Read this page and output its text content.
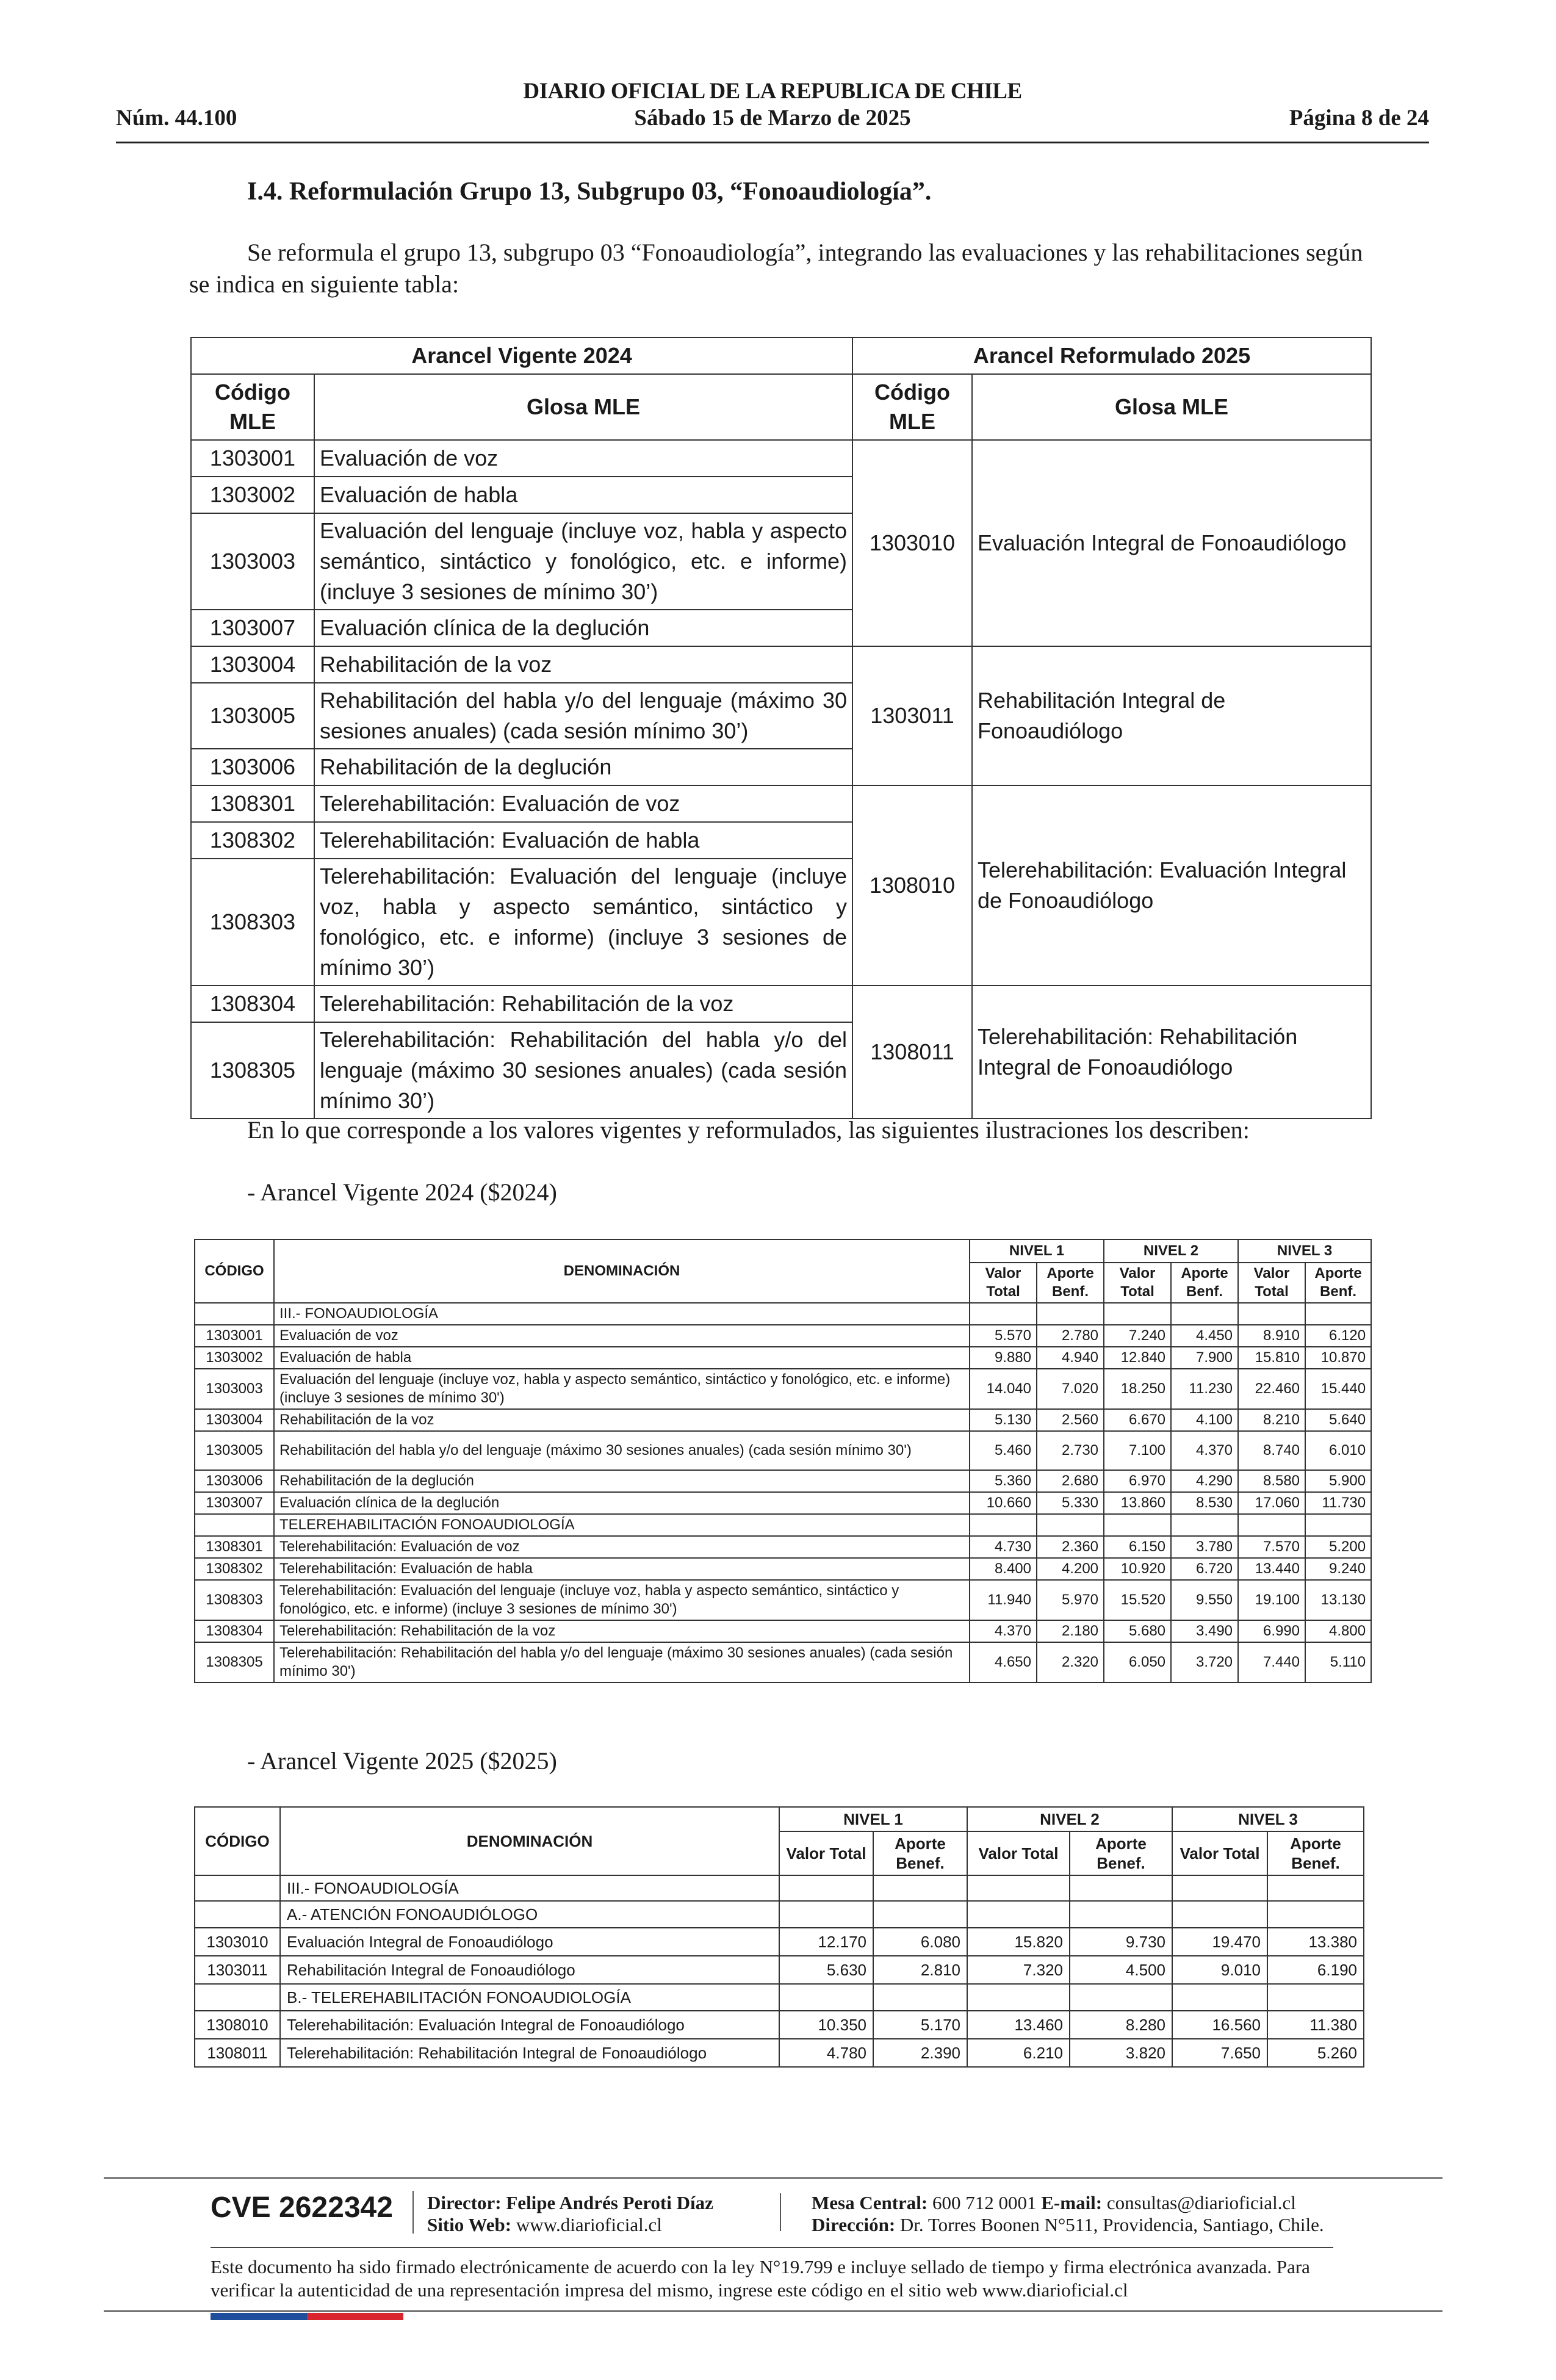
DIARIO OFICIAL DE LA REPUBLICA DE CHILE
Núm. 44.100	Sábado 15 de Marzo de 2025	Página 8 de 24
I.4. Reformulación Grupo 13, Subgrupo 03, “Fonoaudiología”.
Se reformula el grupo 13, subgrupo 03 “Fonoaudiología”, integrando las evaluaciones y las rehabilitaciones según se indica en siguiente tabla:
Arancel Vigente 2024		Arancel Reformulado 2025	
Código MLE	Glosa MLE	Código MLE	Glosa MLE
1303001	Evaluación de voz	1303010	Evaluación Integral de Fonoaudiólogo
1303002	Evaluación de habla		
1303003	Evaluación del lenguaje (incluye voz, habla y aspecto semántico, sintáctico y fonológico, etc. e informe) (incluye 3 sesiones de mínimo 30’)		
1303007	Evaluación clínica de la deglución		
1303004	Rehabilitación de la voz	1303011	Rehabilitación Integral de Fonoaudiólogo
1303005	Rehabilitación del habla y/o del lenguaje (máximo 30 sesiones anuales) (cada sesión mínimo 30’)		
1303006	Rehabilitación de la deglución		
1308301	Telerehabilitación: Evaluación de voz	1308010	Telerehabilitación: Evaluación Integral de Fonoaudiólogo
1308302	Telerehabilitación: Evaluación de habla		
1308303	Telerehabilitación: Evaluación del lenguaje (incluye voz, habla y aspecto semántico, sintáctico y fonológico, etc. e informe) (incluye 3 sesiones de mínimo 30’)		
1308304	Telerehabilitación: Rehabilitación de la voz	1308011	Telerehabilitación: Rehabilitación Integral de Fonoaudiólogo
1308305	Telerehabilitación: Rehabilitación del habla y/o del lenguaje (máximo 30 sesiones anuales) (cada sesión mínimo 30’)		
En lo que corresponde a los valores vigentes y reformulados, las siguientes ilustraciones los describen:
- Arancel Vigente 2024 ($2024)
CÓDIGO	DENOMINACIÓN	NIVEL 1		NIVEL 2		NIVEL 3	
		Valor Total	Aporte Benf.	Valor Total	Aporte Benf.	Valor Total	Aporte Benf.
	III.- FONOAUDIOLOGÍA						
1303001	Evaluación de voz	5.570	2.780	7.240	4.450	8.910	6.120
1303002	Evaluación de habla	9.880	4.940	12.840	7.900	15.810	10.870
1303003	Evaluación del lenguaje (incluye voz, habla y aspecto semántico, sintáctico y fonológico, etc. e informe) (incluye 3 sesiones de mínimo 30')	14.040	7.020	18.250	11.230	22.460	15.440
1303004	Rehabilitación de la voz	5.130	2.560	6.670	4.100	8.210	5.640
1303005	Rehabilitación del habla y/o del lenguaje (máximo 30 sesiones anuales) (cada sesión mínimo 30')	5.460	2.730	7.100	4.370	8.740	6.010
1303006	Rehabilitación de la deglución	5.360	2.680	6.970	4.290	8.580	5.900
1303007	Evaluación clínica de la deglución	10.660	5.330	13.860	8.530	17.060	11.730
	TELEREHABILITACIÓN FONOAUDIOLOGÍA						
1308301	Telerehabilitación: Evaluación de voz	4.730	2.360	6.150	3.780	7.570	5.200
1308302	Telerehabilitación: Evaluación de habla	8.400	4.200	10.920	6.720	13.440	9.240
1308303	Telerehabilitación: Evaluación del lenguaje (incluye voz, habla y aspecto semántico, sintáctico y fonológico, etc. e informe) (incluye 3 sesiones de mínimo 30')	11.940	5.970	15.520	9.550	19.100	13.130
1308304	Telerehabilitación: Rehabilitación de la voz	4.370	2.180	5.680	3.490	6.990	4.800
1308305	Telerehabilitación: Rehabilitación del habla y/o del lenguaje (máximo 30 sesiones anuales) (cada sesión mínimo 30')	4.650	2.320	6.050	3.720	7.440	5.110
- Arancel Vigente 2025 ($2025)
CÓDIGO	DENOMINACIÓN	NIVEL 1		NIVEL 2		NIVEL 3	
		Valor Total	Aporte Benef.	Valor Total	Aporte Benef.	Valor Total	Aporte Benef.
	III.- FONOAUDIOLOGÍA						
	A.- ATENCIÓN FONOAUDIÓLOGO						
1303010	Evaluación Integral de Fonoaudiólogo	12.170	6.080	15.820	9.730	19.470	13.380
1303011	Rehabilitación Integral de Fonoaudiólogo	5.630	2.810	7.320	4.500	9.010	6.190
	B.- TELEREHABILITACIÓN FONOAUDIOLOGÍA						
1308010	Telerehabilitación: Evaluación Integral de Fonoaudiólogo	10.350	5.170	13.460	8.280	16.560	11.380
1308011	Telerehabilitación: Rehabilitación Integral de Fonoaudiólogo	4.780	2.390	6.210	3.820	7.650	5.260
CVE 2622342 Director: Felipe Andrés Peroti Díaz
Sitio Web: www.diarioficial.cl
Mesa Central: 600 712 0001 E-mail: consultas@diarioficial.cl
Dirección: Dr. Torres Boonen N°511, Providencia, Santiago, Chile.
Este documento ha sido firmado electrónicamente de acuerdo con la ley N°19.799 e incluye sellado de tiempo y firma electrónica avanzada. Para verificar la autenticidad de una representación impresa del mismo, ingrese este código en el sitio web www.diarioficial.cl
